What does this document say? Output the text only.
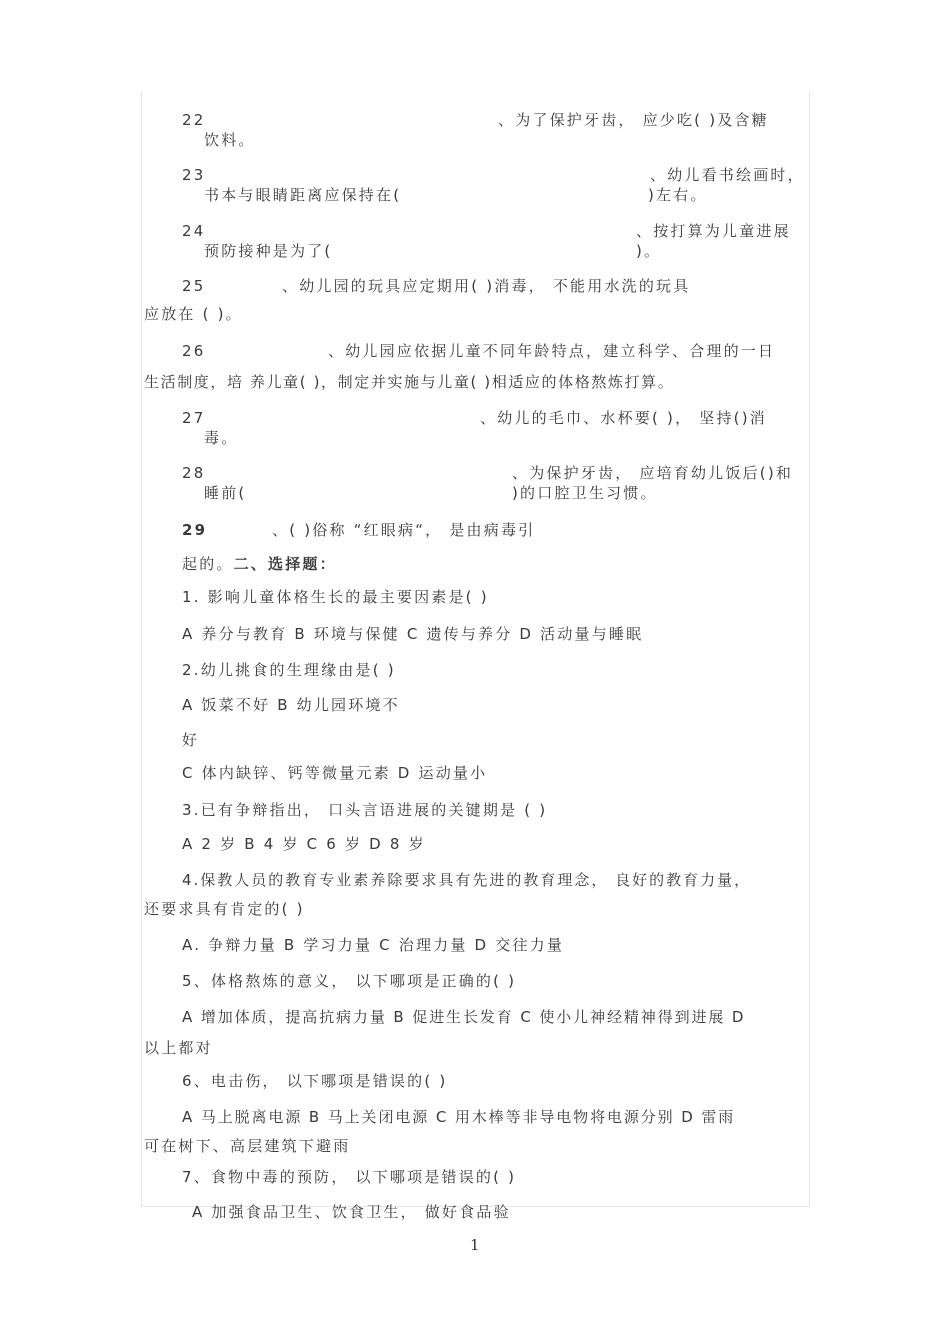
22	、为了保护牙齿， 应少吃( )及含糖
饮料。
23	、幼儿看书绘画时，
书本与眼睛距离应保持在(	)左右。
24	、按打算为儿童进展
预防接种是为了(	)。
25	、幼儿园的玩具应定期用( )消毒， 不能用水洗的玩具
应放在 ( )。
26	、幼儿园应依据儿童不同年龄特点，建立科学、合理的一日
生活制度，培 养儿童( )，制定并实施与儿童( )相适应的体格熬炼打算。
27	、幼儿的毛巾、水杯要( )， 坚持()消
毒。
28	、为保护牙齿， 应培育幼儿饭后()和
睡前(	)的口腔卫生习惯。
29	、( )俗称 “红眼病“， 是由病毒引
起的。二、选择题：
1. 影响儿童体格生长的最主要因素是( )
A 养分与教育 B 环境与保健 C 遗传与养分 D 活动量与睡眠
2.幼儿挑食的生理缘由是( )
A 饭菜不好 B 幼儿园环境不
好
C 体内缺锌、钙等微量元素 D 运动量小
3.已有争辩指出， 口头言语进展的关键期是 ( )
A 2 岁 B 4 岁 C 6 岁 D 8 岁
4.保教人员的教育专业素养除要求具有先进的教育理念， 良好的教育力量，
还要求具有肯定的( )
A. 争辩力量 B 学习力量 C 治理力量 D 交往力量
5、体格熬炼的意义， 以下哪项是正确的( )
A 增加体质，提高抗病力量 B 促进生长发育 C 使小儿神经精神得到进展 D
以上都对
6、电击伤， 以下哪项是错误的( )
A 马上脱离电源 B 马上关闭电源 C 用木棒等非导电物将电源分别 D 雷雨
可在树下、高层建筑下避雨
7、食物中毒的预防， 以下哪项是错误的( )
A 加强食品卫生、饮食卫生， 做好食品验
1
